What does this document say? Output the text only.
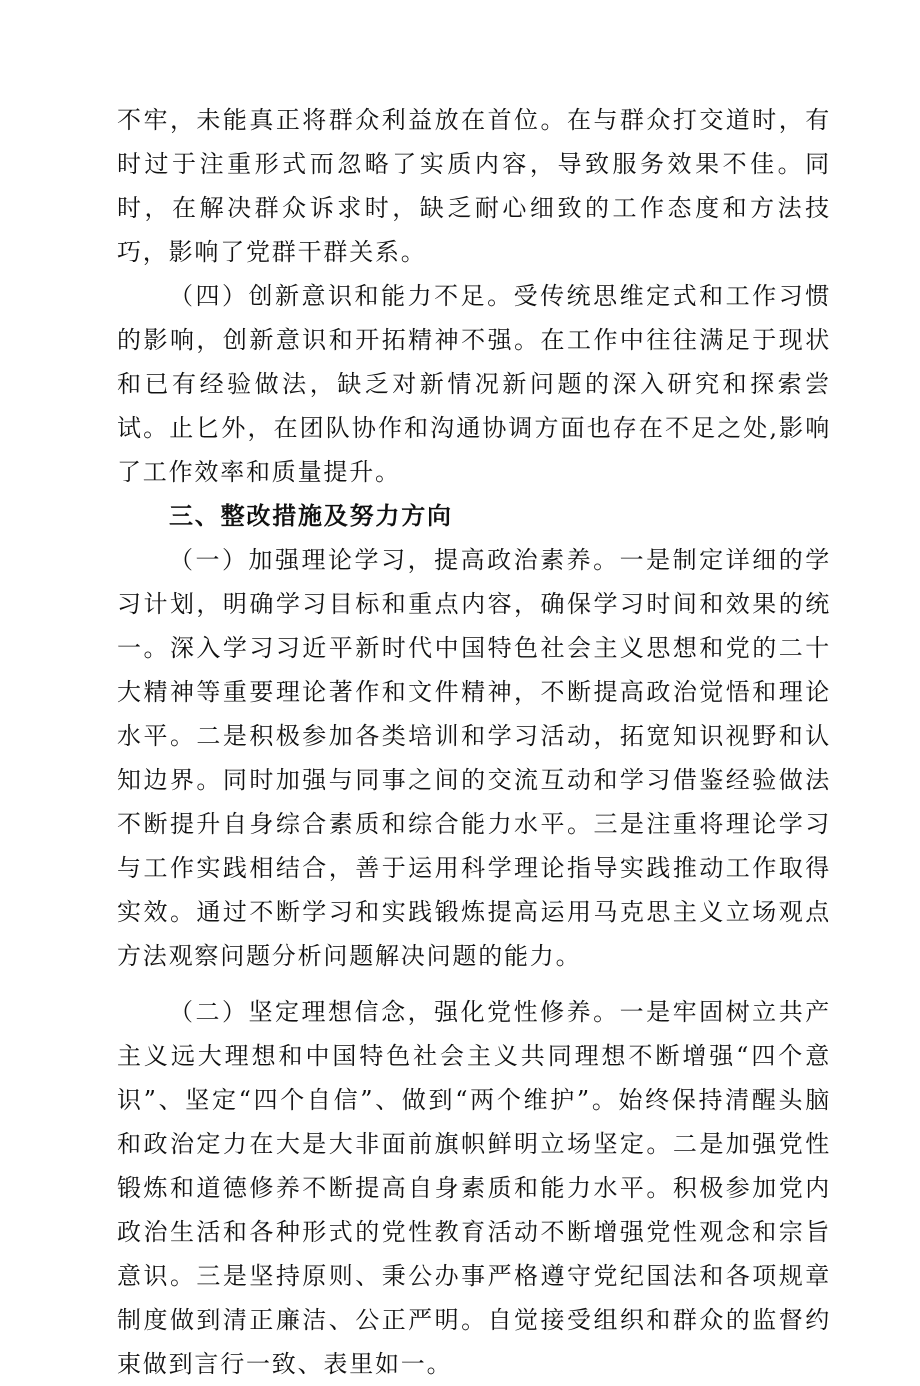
不牢，未能真正将群众利益放在首位。在与群众打交道时，有时过于注重形式而忽略了实质内容，导致服务效果不佳。同时，在解决群众诉求时，缺乏耐心细致的工作态度和方法技巧，影响了党群干群关系。

（四）创新意识和能力不足。受传统思维定式和工作习惯的影响，创新意识和开拓精神不强。在工作中往往满足于现状和已有经验做法，缺乏对新情况新问题的深入研究和探索尝试。止匕外，在团队协作和沟通协调方面也存在不足之处,影响了工作效率和质量提升。

三、整改措施及努力方向

（一）加强理论学习，提高政治素养。一是制定详细的学习计划，明确学习目标和重点内容，确保学习时间和效果的统一。深入学习习近平新时代中国特色社会主义思想和党的二十大精神等重要理论著作和文件精神，不断提高政治觉悟和理论水平。二是积极参加各类培训和学习活动，拓宽知识视野和认知边界。同时加强与同事之间的交流互动和学习借鉴经验做法不断提升自身综合素质和综合能力水平。三是注重将理论学习与工作实践相结合，善于运用科学理论指导实践推动工作取得实效。通过不断学习和实践锻炼提高运用马克思主义立场观点方法观察问题分析问题解决问题的能力。

（二）坚定理想信念，强化党性修养。一是牢固树立共产主义远大理想和中国特色社会主义共同理想不断增强“四个意识”、坚定“四个自信”、做到“两个维护”。始终保持清醒头脑和政治定力在大是大非面前旗帜鲜明立场坚定。二是加强党性锻炼和道德修养不断提高自身素质和能力水平。积极参加党内政治生活和各种形式的党性教育活动不断增强党性观念和宗旨意识。三是坚持原则、秉公办事严格遵守党纪国法和各项规章制度做到清正廉洁、公正严明。自觉接受组织和群众的监督约束做到言行一致、表里如一。
